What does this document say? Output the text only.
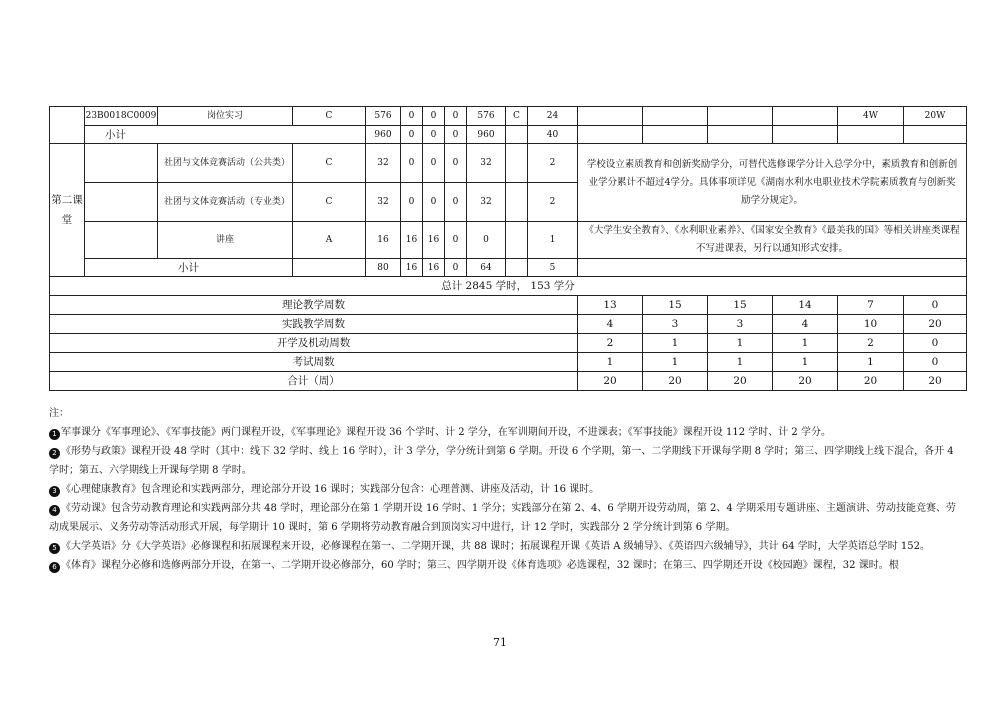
	23B0018C0009	岗位实习	C	576	0	0	0	576	C	24					4W	20W
	小计			960	0	0	0	960		40						
第二课堂		社团与文体竞赛活动（公共类）	C	32	0	0	0	32		2	学校设立素质教育和创新奖励学分，可替代选修课学分计入总学分中，素质教育和创新创业学分累计不超过4学分。具体事项详见《湖南水利水电职业技术学院素质教育与创新奖励学分规定》。					
		社团与文体竞赛活动（专业类）	C	32	0	0	0	32		2						
		讲座	A	16	16	16	0	0		1	《大学生安全教育》、《水利职业素养》、《国家安全教育》《最美我的国》等相关讲座类课程不写进课表，另行以通知形式安排。					
	小计			80	16	16	0	64		5						
总计 2845 学时， 153 学分																
理论教学周数											13	15	15	14	7	0
实践教学周数											4	3	3	4	10	20
开学及机动周数											2	1	1	1	2	0
考试周数											1	1	1	1	1	0
合计（周）											20	20	20	20	20	20

注：

1 军事课分《军事理论》、《军事技能》两门课程开设，《军事理论》课程开设 36 个学时、计 2 学分，在军训期间开设，不进课表；《军事技能》课程开设 112 学时、计 2 学分。

2 《形势与政策》课程开设 48 学时（其中：线下 32 学时、线上 16 学时），计 3 学分，学分统计到第 6 学期。开设 6 个学期，第一、二学期线下开课每学期 8 学时；第三、四学期线上线下混合，各开 4 学时；第五、六学期线上开课每学期 8 学时。

3 《心理健康教育》包含理论和实践两部分，理论部分开设 16 课时；实践部分包含：心理普测、讲座及活动，计 16 课时。

4 《劳动课》包含劳动教育理论和实践两部分共 48 学时，理论部分在第 1 学期开设 16 学时、1 学分；实践部分在第 2、4、6 学期开设劳动周，第 2、4 学期采用专题讲座、主题演讲、劳动技能竞赛、劳动成果展示、义务劳动等活动形式开展，每学期计 10 课时，第 6 学期将劳动教育融合到顶岗实习中进行，计 12 学时，实践部分 2 学分统计到第 6 学期。

5 《大学英语》分《大学英语》必修课程和拓展课程来开设，必修课程在第一、二学期开课，共 88 课时；拓展课程开课《英语 A 级辅导》、《英语四六级辅导》，共计 64 学时，大学英语总学时 152。

6 《体育》课程分必修和选修两部分开设，在第一、二学期开设必修部分，60 学时；第三、四学期开设《体育选项》必选课程，32 课时；在第三、四学期还开设《校园跑》课程，32 课时。根

71
